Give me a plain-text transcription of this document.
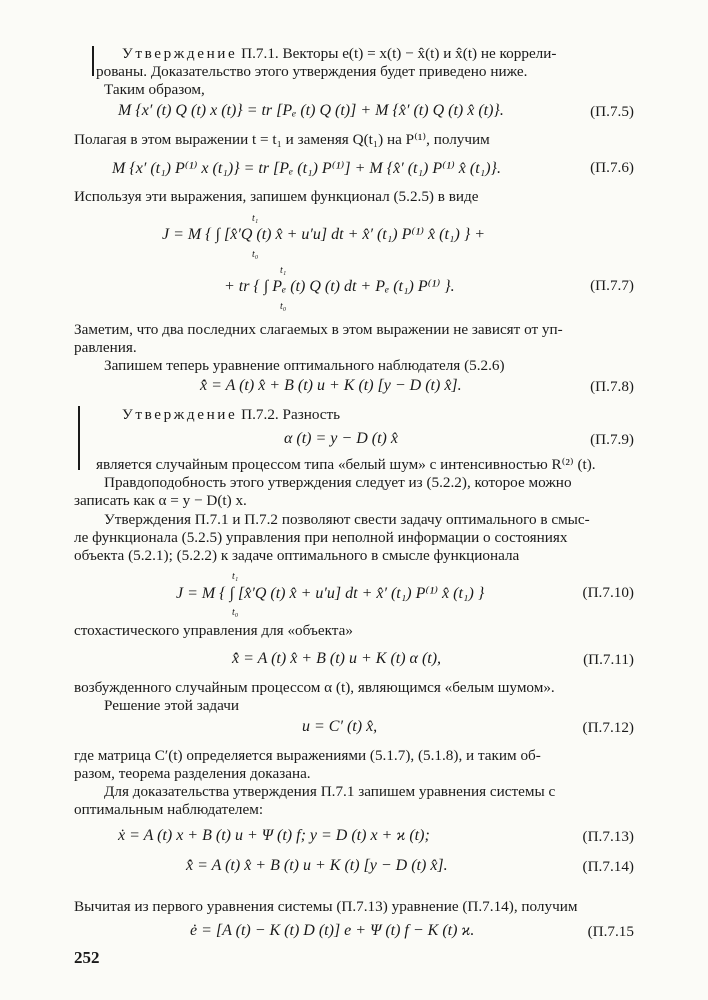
Утверждение П.7.1. Векторы e(t) = x(t) − x̂(t) и x̂(t) не коррели-
рованы. Доказательство этого утверждения будет приведено ниже.
Таким образом,
M {x′ (t) Q (t) x (t)} = tr [Pₑ (t) Q (t)] + M {x̂′ (t) Q (t) x̂ (t)}.	(П.7.5)
Полагая в этом выражении t = t₁ и заменяя Q(t₁) на P⁽¹⁾, получим
M {x′ (t₁) P⁽¹⁾ x (t₁)} = tr [Pₑ (t₁) P⁽¹⁾] + M {x̂′ (t₁) P⁽¹⁾ x̂ (t₁)}.	(П.7.6)
Используя эти выражения, запишем функционал (5.2.5) в виде
J = M { ∫ [x̂′Q (t) x̂ + u′u] dt + x̂′ (t₁) P⁽¹⁾ x̂ (t₁) } +
t₁
t₀
+ tr { ∫ Pₑ (t) Q (t) dt + Pₑ (t₁) P⁽¹⁾ }.
t₁
t₀
(П.7.7)
Заметим, что два последних слагаемых в этом выражении не зависят от уп-
равления.
Запишем теперь уравнение оптимального наблюдателя (5.2.6)
x̂̇ = A (t) x̂ + B (t) u + K (t) [y − D (t) x̂].	(П.7.8)
Утверждение П.7.2. Разность
α (t) = y − D (t) x̂	(П.7.9)
является случайным процессом типа «белый шум» с интенсивностью R⁽²⁾ (t).
Правдоподобность этого утверждения следует из (5.2.2), которое можно
записать как α = y − D(t) x.
Утверждения П.7.1 и П.7.2 позволяют свести задачу оптимального в смыс-
ле функционала (5.2.5) управления при неполной информации о состояниях
объекта (5.2.1); (5.2.2) к задаче оптимального в смысле функционала
J = M { ∫ [x̂′Q (t) x̂ + u′u] dt + x̂′ (t₁) P⁽¹⁾ x̂ (t₁) }
t₁
t₀
(П.7.10)
стохастического управления для «объекта»
x̂̇ = A (t) x̂ + B (t) u + K (t) α (t),	(П.7.11)
возбужденного случайным процессом α (t), являющимся «белым шумом».
Решение этой задачи
u = C′ (t) x̂,	(П.7.12)
где матрица C′(t) определяется выражениями (5.1.7), (5.1.8), и таким об-
разом, теорема разделения доказана.
Для доказательства утверждения П.7.1 запишем уравнения системы с
оптимальным наблюдателем:
ẋ = A (t) x + B (t) u + Ψ (t) f; y = D (t) x + ϰ (t);	(П.7.13)
x̂̇ = A (t) x̂ + B (t) u + K (t) [y − D (t) x̂].	(П.7.14)
Вычитая из первого уравнения системы (П.7.13) уравнение (П.7.14), получим
ė = [A (t) − K (t) D (t)] e + Ψ (t) f − K (t) ϰ.	(П.7.15
252
